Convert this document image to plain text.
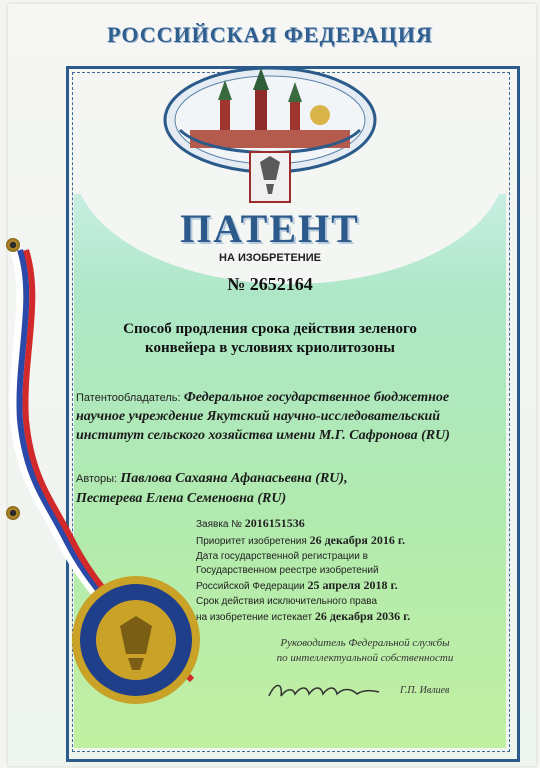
РОССИЙСКАЯ ФЕДЕРАЦИЯ
ПАТЕНТ
НА ИЗОБРЕТЕНИЕ
№ 2652164
Способ продления срока действия зеленого конвейера в условиях криолитозоны
Патентообладатель: Федеральное государственное бюджетное научное учреждение Якутский научно-исследовательский институт сельского хозяйства имени М.Г. Сафронова (RU)
Авторы: Павлова Сахаяна Афанасьевна (RU),
Пестерева Елена Семеновна (RU)
Заявка № 2016151536
Приоритет изобретения 26 декабря 2016 г.
Дата государственной регистрации в
Государственном реестре изобретений
Российской Федерации 25 апреля 2018 г.
Срок действия исключительного права
на изобретение истекает 26 декабря 2036 г.
Руководитель Федеральной службы
по интеллектуальной собственности
Г.П. Ивлиев
